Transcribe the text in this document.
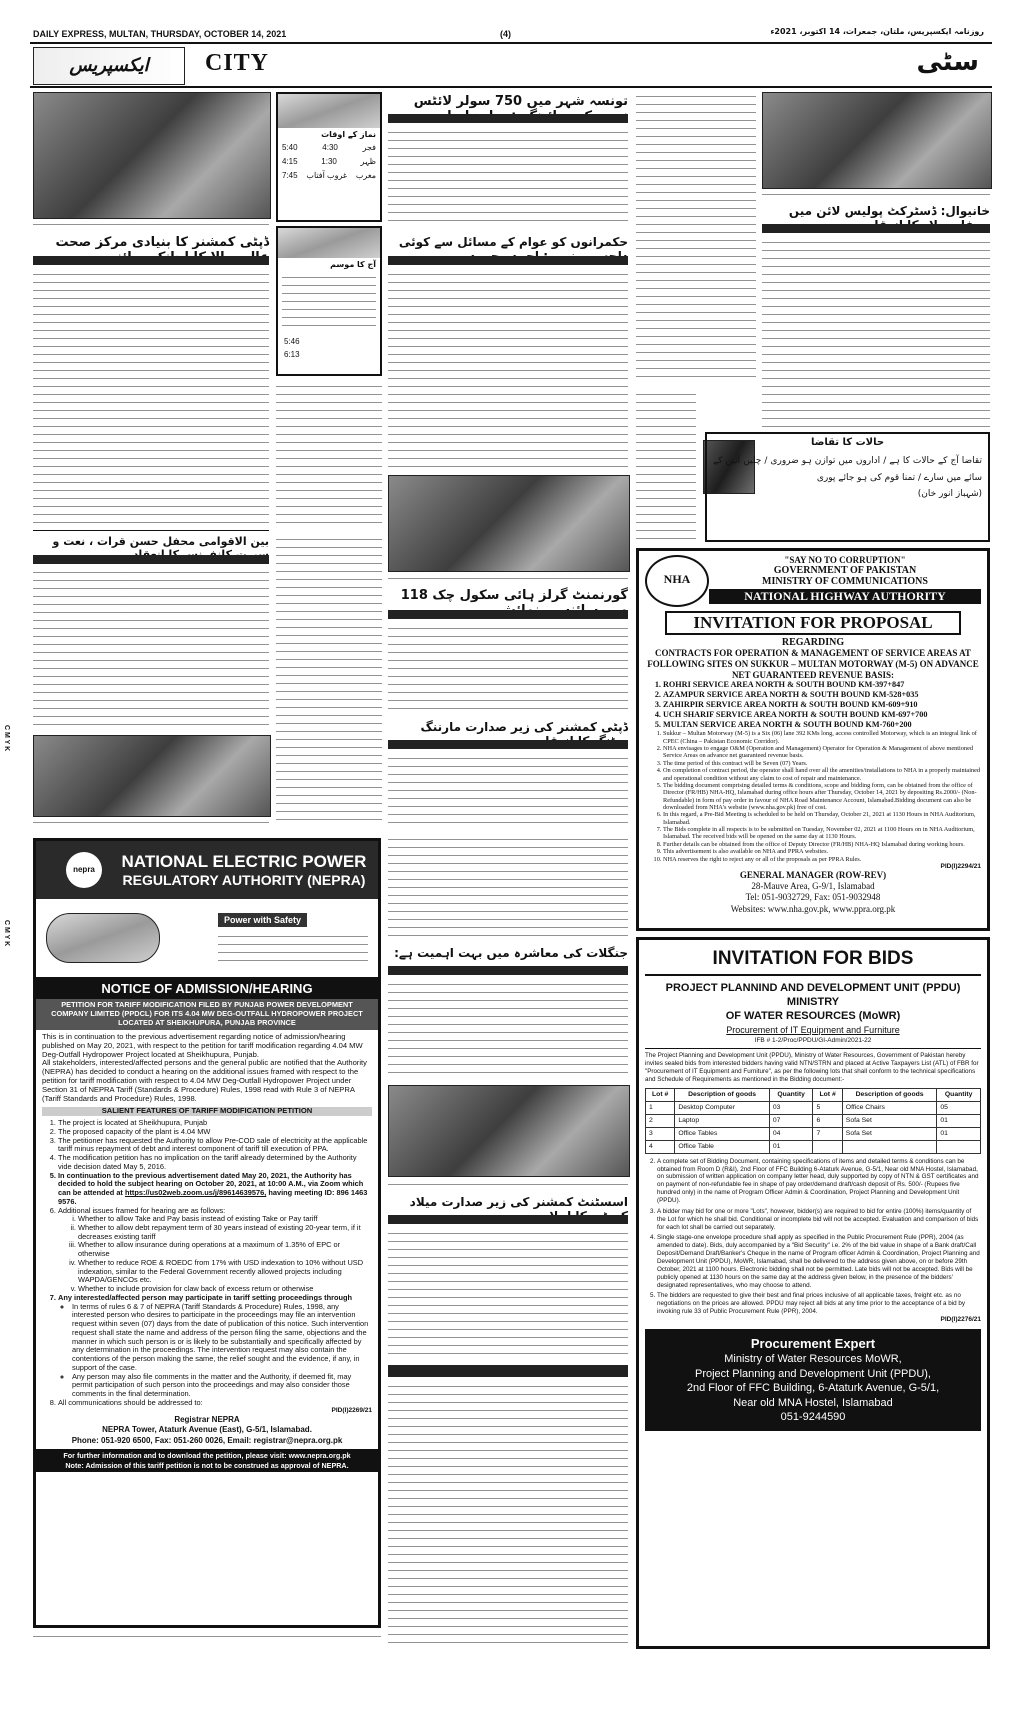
DAILY EXPRESS, MULTAN, THURSDAY, OCTOBER 14, 2021	(4)	روزنامہ ایکسپریس، ملتان، جمعرات، 14 اکتوبر، 2021ء
ایکسپریس	CITY	سٹی
C M Y K
C M Y K
ڈپٹی کمشنر کا بنیادی مرکز صحت
بین الاقوامی محفل حسن قرات ، نعت و
نماز کے اوقات
5:40	4:30	فجر
4:15	1:30	ظہر
7:45 غروب آفتاب مغرب
آج کا موسم
5:46
6:13
تونسہ شہر میں 750 سولر لائٹس
حکمرانوں کو عوام کے مسائل سے کوئی
گورنمنٹ گرلز ہائی سکول چک 118
ڈپٹی کمشنر کی زیر صدارت مارننگ
خانیوال: ڈسٹرکٹ پولیس لائن میں
حالات کا تقاضا
تقاضا آج کے حالات کا ہے / اداروں میں توازن ہو ضروری / چلیں آئین کے سائے میں سارے / تمنا قوم کی ہو جائے پوری
(شہباز انور خان)
NHA
"SAY NO TO CORRUPTION"
GOVERNMENT OF PAKISTAN
MINISTRY OF COMMUNICATIONS
NATIONAL HIGHWAY AUTHORITY
INVITATION FOR PROPOSAL
REGARDING
CONTRACTS FOR OPERATION & MANAGEMENT OF SERVICE AREAS AT FOLLOWING SITES ON SUKKUR – MULTAN MOTORWAY (M-5) ON ADVANCE NET GUARANTEED REVENUE BASIS:
1. ROHRI SERVICE AREA NORTH & SOUTH BOUND KM-397+847
2. AZAMPUR SERVICE AREA NORTH & SOUTH BOUND KM-528+035
3. ZAHIRPIR SERVICE AREA NORTH & SOUTH BOUND KM-609+910
4. UCH SHARIF SERVICE AREA NORTH & SOUTH BOUND KM-697+700
5. MULTAN SERVICE AREA NORTH & SOUTH BOUND KM-760+200
1. Sukkur – Multan Motorway (M-5) is a Six (06) lane 392 KMs long, access controlled Motorway, which is an integral link of CPEC (China – Pakistan Economic Corridor).
2. NHA envisages to engage O&M (Operation and Management) Operator for Operation & Management of above mentioned Service Areas on advance net guaranteed revenue basis.
3. The time period of this contract will be Seven (07) Years.
4. On completion of contract period, the operator shall hand over all the amenities/installations to NHA in a properly maintained and operational condition without any claim to cost of repair and maintenance.
5. The bidding document comprising detailed terms & conditions, scope and bidding form, can be obtained from the office of Director (FR/HB) NHA-HQ, Islamabad during office hours after Thursday, October 14, 2021 by depositing Rs.2000/- (Non-Refundable) in form of pay order in favour of NHA Road Maintenance Account, Islamabad.Bidding document can also be downloaded from NHA's website (www.nha.gov.pk) free of cost.
6. In this regard, a Pre-Bid Meeting is scheduled to be held on Thursday, October 21, 2021 at 1130 Hours in NHA Auditorium, Islamabad.
7. The Bids complete in all respects is to be submitted on Tuesday, November 02, 2021 at 1100 Hours on in NHA Auditorium, Islamabad. The received bids will be opened on the same day at 1130 Hours.
8. Further details can be obtained from the office of Deputy Director (FR/HB) NHA-HQ Islamabad during working hours.
9. This advertisement is also available on NHA and PPRA websites.
10. NHA reserves the right to reject any or all of the proposals as per PPRA Rules.
PID(I)2294/21
GENERAL MANAGER (ROW-REV)
28-Mauve Area, G-9/1, Islamabad
Tel: 051-9032729, Fax: 051-9032948
Websites: www.nha.gov.pk, www.ppra.org.pk
nepra	NATIONAL ELECTRIC POWER
REGULATORY AUTHORITY (NEPRA)
Power with Safety
NOTICE OF ADMISSION/HEARING
PETITION FOR TARIFF MODIFICATION FILED BY PUNJAB POWER DEVELOPMENT COMPANY LIMITED (PPDCL) FOR ITS 4.04 MW DEG-OUTFALL HYDROPOWER PROJECT LOCATED AT SHEIKHUPURA, PUNJAB PROVINCE
This is in continuation to the previous advertisement regarding notice of admission/hearing published on May 20, 2021, with respect to the petition for tariff modification regarding 4.04 MW Deg-Outfall Hydropower Project located at Sheikhupura, Punjab.
All stakeholders, interested/affected persons and the general public are notified that the Authority (NEPRA) has decided to conduct a hearing on the additional issues framed with respect to the petition for tariff modification with respect to 4.04 MW Deg-Outfall Hydropower Project under Section 31 of NEPRA Tariff (Standards & Procedure) Rules, 1998 read with Rule 3 of NEPRA (Tariff Standards and Procedure) Rules, 1998.
SALIENT FEATURES OF TARIFF MODIFICATION PETITION
1. The project is located at Sheikhupura, Punjab
2. The proposed capacity of the plant is 4.04 MW
3. The petitioner has requested the Authority to allow Pre-COD sale of electricity at the applicable tariff minus repayment of debt and interest component of tariff till execution of PPA.
4. The modification petition has no implication on the tariff already determined by the Authority vide decision dated May 5, 2016.
5. In continuation to the previous advertisement dated May 20, 2021, the Authority has decided to hold the subject hearing on October 20, 2021, at 10:00 A.M., via Zoom which can be attended at https://us02web.zoom.us/j/89614639576, having meeting ID: 896 1463 9576.
6. Additional issues framed for hearing are as follows:
i. Whether to allow Take and Pay basis instead of existing Take or Pay tariff
ii. Whether to allow debt repayment term of 30 years instead of existing 20-year term, if it decreases existing tariff
iii. Whether to allow insurance during operations at a maximum of 1.35% of EPC or otherwise
iv. Whether to reduce ROE & ROEDC from 17% with USD indexation to 10% without USD indexation, similar to the Federal Government recently allowed projects including WAPDA/GENCOs etc.
v. Whether to include provision for claw back of excess return or otherwise
7. Any interested/affected person may participate in tariff setting proceedings through
◦ In terms of rules 6 & 7 of NEPRA (Tariff Standards & Procedure) Rules, 1998, any interested person who desires to participate in the proceedings may file an intervention request within seven (07) days from the date of publication of this notice. Such intervention request shall state the name and address of the person filing the same, objections and the manner in which such person is or is likely to be substantially and specifically affected by any determination in the proceedings. The intervention request may also contain the contentions of the person making the same, the relief sought and the evidence, if any, in support of the case.
◦ Any person may also file comments in the matter and the Authority, if deemed fit, may permit participation of such person into the proceedings and may also consider those comments in the final determination.
8. All communications should be addressed to:
PID(I)2269/21
Registrar NEPRA
NEPRA Tower, Ataturk Avenue (East), G-5/1, Islamabad.
Phone: 051-920 6500, Fax: 051-260 0026, Email: registrar@nepra.org.pk
For further information and to download the petition, please visit: www.nepra.org.pk
Note: Admission of this tariff petition is not to be construed as approval of NEPRA.
جنگلات کی معاشرہ میں بہت اہمیت ہے:
اسسٹنٹ کمشنر کی زیر صدارت میلاد
INVITATION FOR BIDS
PROJECT PLANNIND AND DEVELOPMENT UNIT (PPDU) MINISTRY
OF WATER RESOURCES (MoWR)
Procurement of IT Equipment and Furniture
IFB # 1-2/Proc/PPDU/GI-Admin/2021-22
The Project Planning and Development Unit (PPDU), Ministry of Water Resources, Government of Pakistan hereby invites sealed bids from interested bidders having valid NTN/STRN and placed at Active Taxpayers List (ATL) of FBR for "Procurement of IT Equipment and Furniture", as per the following lots that shall conform to the technical specifications and Schedule of Requirements as mentioned in the Bidding document:-
Lot #	Description of goods	Quantity	Lot #	Description of goods	Quantity
1	Desktop Computer	03	5	Office Chairs	05
2	Laptop	07	6	Sofa Set	01
3	Office Tables	04	7	Sofa Set	01
4	Office Table	01			
2. A complete set of Bidding Document, containing specifications of items and detailed terms & conditions can be obtained from Room D (R&I), 2nd Floor of FFC Building 6-Ataturk Avenue, G-5/1, Near old MNA Hostel, Islamabad, on submission of written application on company letter head, duly supported by copy of NTN & GST certificates and on payment of non-refundable fee in shape of pay order/demand draft/cash deposit of Rs. 500/- (Rupees five hundred only) in the name of Program Officer Admin & Coordination, Project Planning and Development Unit (PPDU).
3. A bidder may bid for one or more "Lots", however, bidder(s) are required to bid for entire (100%) items/quantity of the Lot for which he shall bid. Conditional or incomplete bid will not be accepted. Evaluation and comparison of bids for each lot shall be carried out separately.
4. Single stage-one envelope procedure shall apply as specified in the Public Procurement Rule (PPR), 2004 (as amended to date). Bids, duly accompanied by a "Bid Security" i.e. 2% of the bid value in shape of a Bank draft/Call Deposit/Demand Draft/Banker's Cheque in the name of Program officer Admin & Coordination, Project Planning and Development Unit (PPDU), MoWR, Islamabad, shall be delivered to the address given above, on or before 29th October, 2021 at 1100 hours. Electronic bidding shall not be permitted. Late bids will not be accepted. Bids will be publicly opened at 1130 hours on the same day at the address given below, in the presence of the bidders' designated representatives, who may choose to attend.
5. The bidders are requested to give their best and final prices inclusive of all applicable taxes, freight etc. as no negotiations on the prices are allowed. PPDU may reject all bids at any time prior to the acceptance of a bid by invoking rule 33 of Public Procurement Rule (PPR), 2004.
PID(I)2276/21
Procurement Expert
Ministry of Water Resources MoWR,
Project Planning and Development Unit (PPDU),
2nd Floor of FFC Building, 6-Ataturk Avenue, G-5/1,
Near old MNA Hostel, Islamabad
051-9244590
